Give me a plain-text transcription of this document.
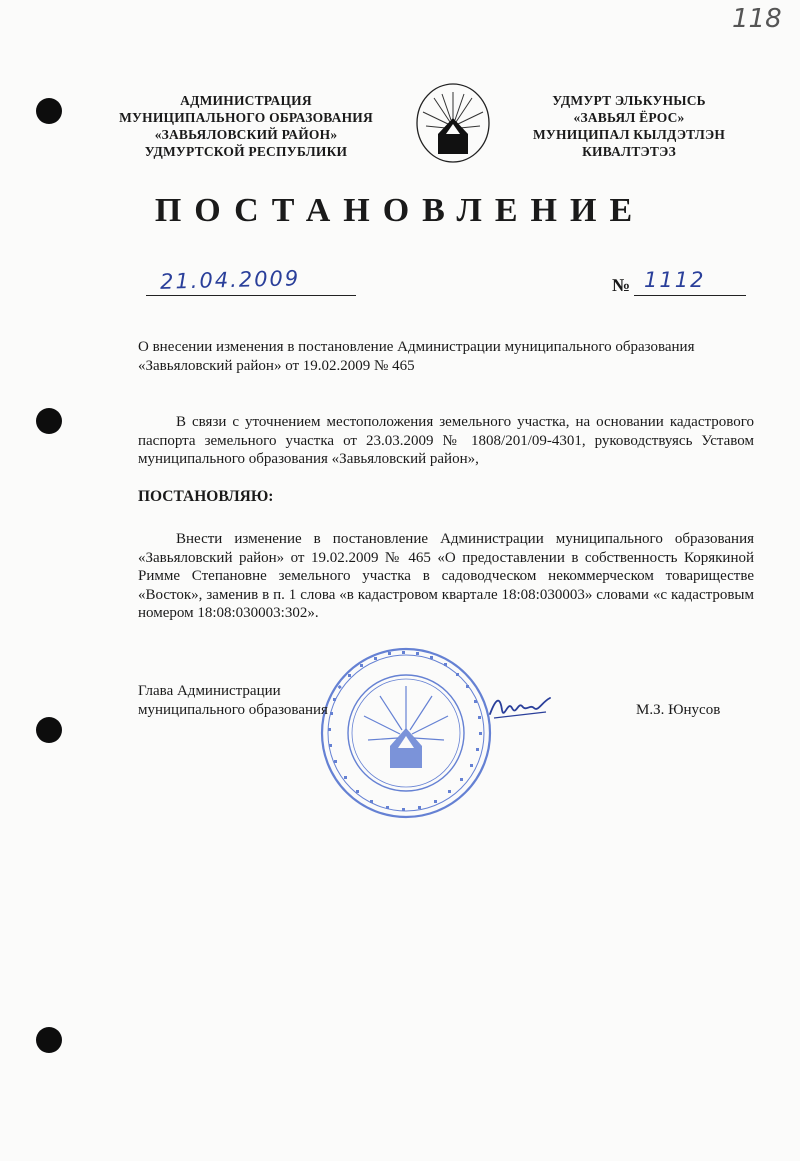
118
АДМИНИСТРАЦИЯ
МУНИЦИПАЛЬНОГО ОБРАЗОВАНИЯ
«ЗАВЬЯЛОВСКИЙ РАЙОН»
УДМУРТСКОЙ РЕСПУБЛИКИ
УДМУРТ ЭЛЬКУНЫСЬ
«ЗАВЬЯЛ ЁРОС»
МУНИЦИПАЛ КЫЛДЭТЛЭН
КИВАЛТЭТЭЗ
ПОСТАНОВЛЕНИЕ
21.04.2009	№ 1112
О внесении изменения в постановление Администрации муниципального образования «Завьяловский район» от 19.02.2009 № 465
В связи с уточнением местоположения земельного участка, на основании кадастрового паспорта земельного участка от 23.03.2009 № 1808/201/09-4301, руководствуясь Уставом муниципального образования «Завьяловский район»,
ПОСТАНОВЛЯЮ:
Внести изменение в постановление Администрации муниципального образования «Завьяловский район» от 19.02.2009 № 465 «О предоставлении в собственность Корякиной Римме Степановне земельного участка в садоводческом некоммерческом товариществе «Восток», заменив в п. 1 слова «в кадастровом квартале 18:08:030003» словами «с кадастровым номером 18:08:030003:302».
Глава Администрации
муниципального образования	М.З. Юнусов
